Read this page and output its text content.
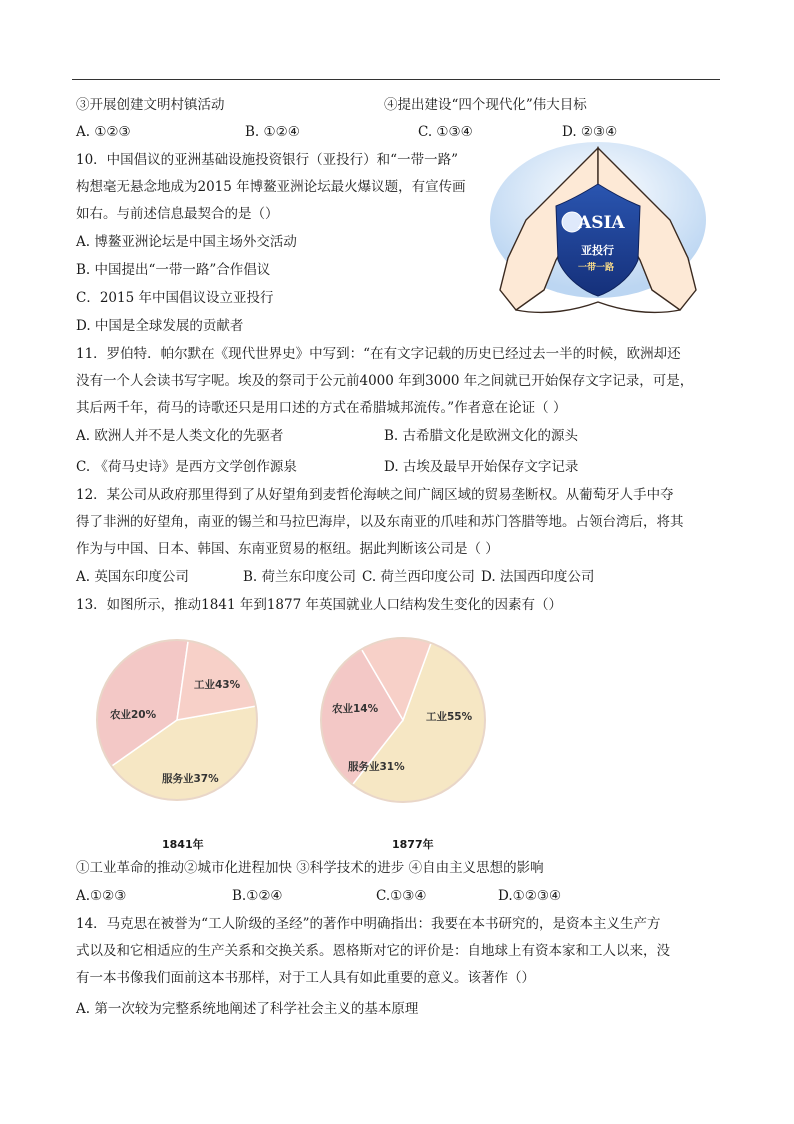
③开展创建文明村镇活动	④提出建设“四个现代化”伟大目标
A. ①②③	B. ①②④	C. ①③④	D. ②③④
10．中国倡议的亚洲基础设施投资银行（亚投行）和“一带一路”
构想毫无悬念地成为2015 年博鳌亚洲论坛最火爆议题，有宣传画
如右。与前述信息最契合的是（）
A. 博鳌亚洲论坛是中国主场外交活动
B. 中国提出“一带一路”合作倡议
C．2015 年中国倡议设立亚投行
D. 中国是全球发展的贡献者
ASIA
亚投行
一带一路
11．罗伯特．帕尔默在《现代世界史》中写到：“在有文字记载的历史已经过去一半的时候，欧洲却还
没有一个人会读书写字呢。埃及的祭司于公元前4000 年到3000 年之间就已开始保存文字记录，可是，
其后两千年，荷马的诗歌还只是用口述的方式在希腊城邦流传。”作者意在论证（ ）
A. 欧洲人并不是人类文化的先驱者	B. 古希腊文化是欧洲文化的源头
C. 《荷马史诗》是西方文学创作源泉	D. 古埃及最早开始保存文字记录
12．某公司从政府那里得到了从好望角到麦哲伦海峡之间广阔区域的贸易垄断权。从葡萄牙人手中夺
得了非洲的好望角，南亚的锡兰和马拉巴海岸，以及东南亚的爪哇和苏门答腊等地。占领台湾后，将其
作为与中国、日本、韩国、东南亚贸易的枢纽。据此判断该公司是（ ）
A. 英国东印度公司	B. 荷兰东印度公司 C. 荷兰西印度公司 D. 法国西印度公司
13．如图所示，推动1841 年到1877 年英国就业人口结构发生变化的因素有（）
工业43%
农业20%
服务业37%
工业55%
农业14%
服务业31%
①工业革命的推动②城市化进程加快 ③科学技术的进步 ④自由主义思想的影响
A.①②③	B.①②④	C.①③④	D.①②③④
14．马克思在被誉为“工人阶级的圣经”的著作中明确指出：我要在本书研究的，是资本主义生产方
式以及和它相适应的生产关系和交换关系。恩格斯对它的评价是：自地球上有资本家和工人以来，没
有一本书像我们面前这本书那样，对于工人具有如此重要的意义。该著作（）
A. 第一次较为完整系统地阐述了科学社会主义的基本原理
1841年	1877年
